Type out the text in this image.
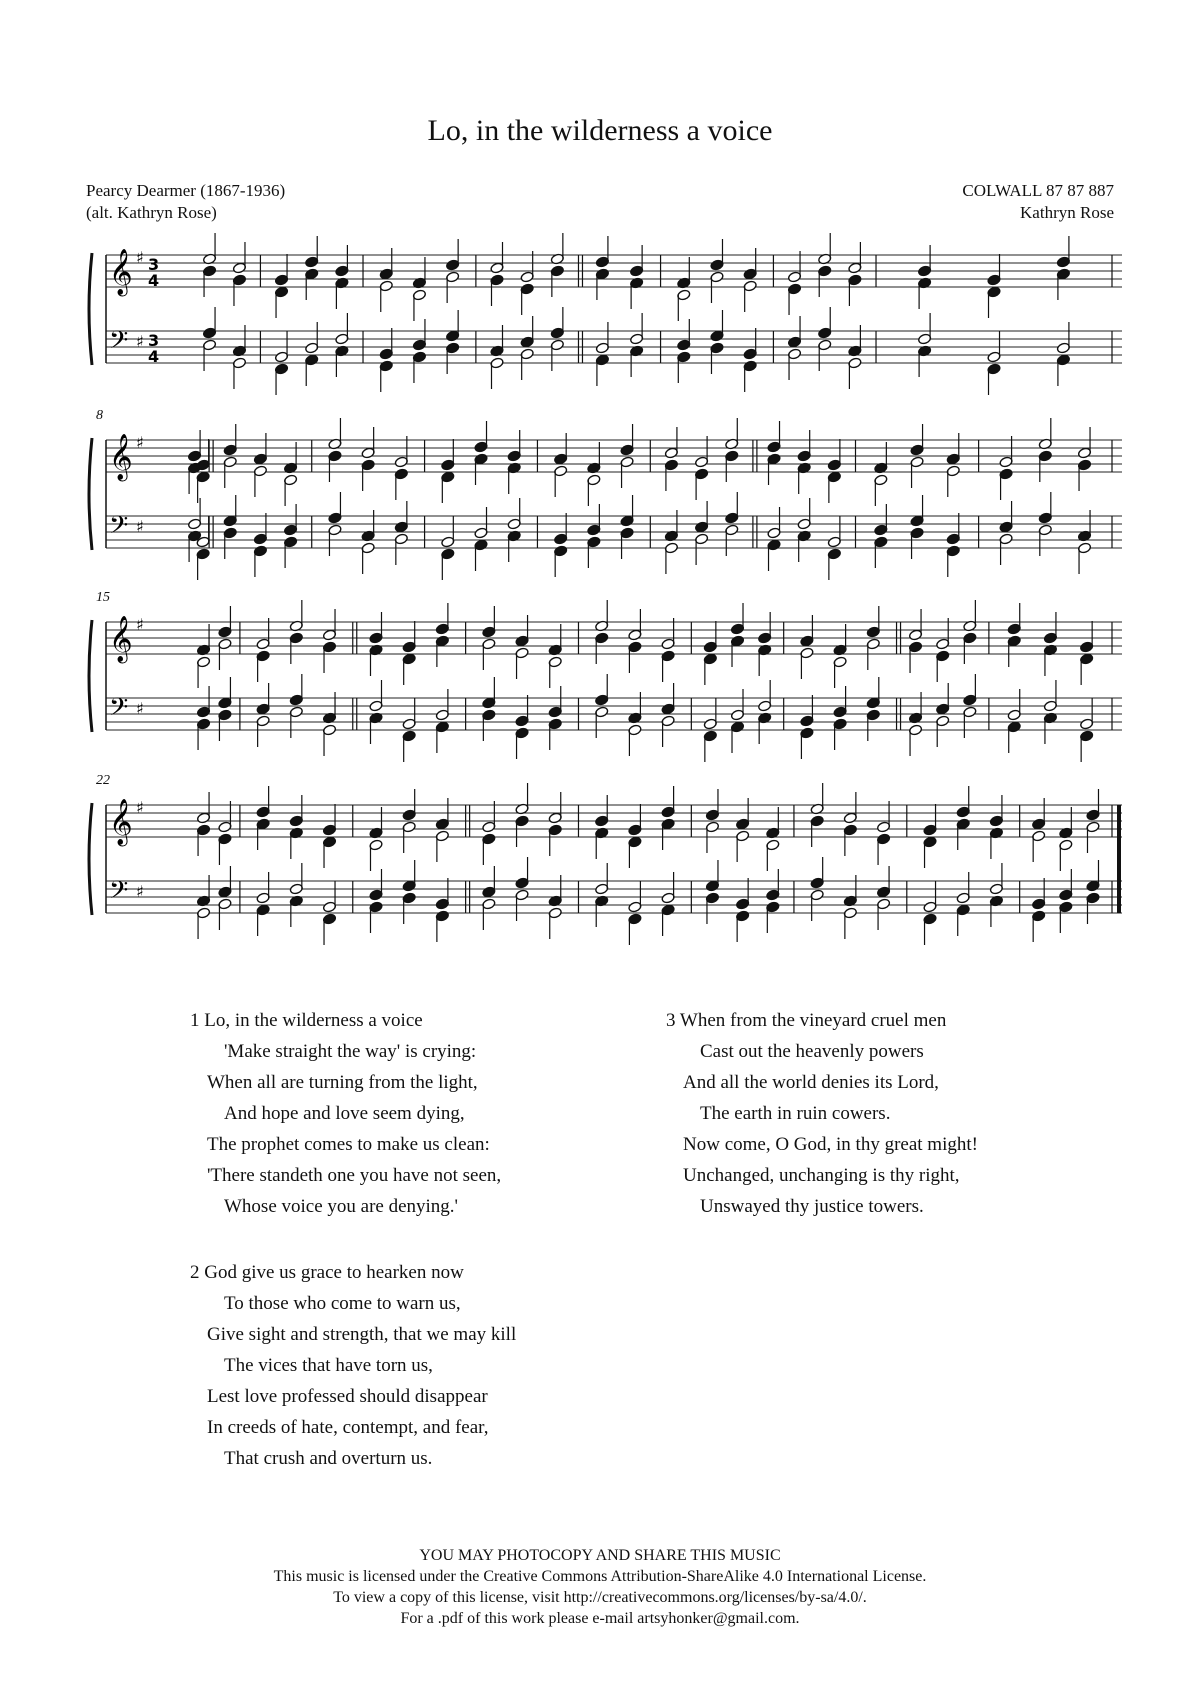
Lo, in the wilderness a voice
Pearcy Dearmer (1867-1936)
(alt. Kathryn Rose)
COLWALL 87 87 887
Kathryn Rose
𝄞 ♯ 3
4
𝄢 ♯ 3
4
8
𝄞 ♯
𝄢 ♯
15
𝄞 ♯
𝄢 ♯
22
𝄞 ♯
𝄢 ♯
1 Lo, in the wilderness a voice
'Make straight the way' is crying:
When all are turning from the light,
And hope and love seem dying,
The prophet comes to make us clean:
'There standeth one you have not seen,
Whose voice you are denying.'
2 God give us grace to hearken now
To those who come to warn us,
Give sight and strength, that we may kill
The vices that have torn us,
Lest love professed should disappear
In creeds of hate, contempt, and fear,
That crush and overturn us.
3 When from the vineyard cruel men
Cast out the heavenly powers
And all the world denies its Lord,
The earth in ruin cowers.
Now come, O God, in thy great might!
Unchanged, unchanging is thy right,
Unswayed thy justice towers.
YOU MAY PHOTOCOPY AND SHARE THIS MUSIC
This music is licensed under the Creative Commons Attribution-ShareAlike 4.0 International License.
To view a copy of this license, visit http://creativecommons.org/licenses/by-sa/4.0/.
For a .pdf of this work please e-mail artsyhonker@gmail.com.
